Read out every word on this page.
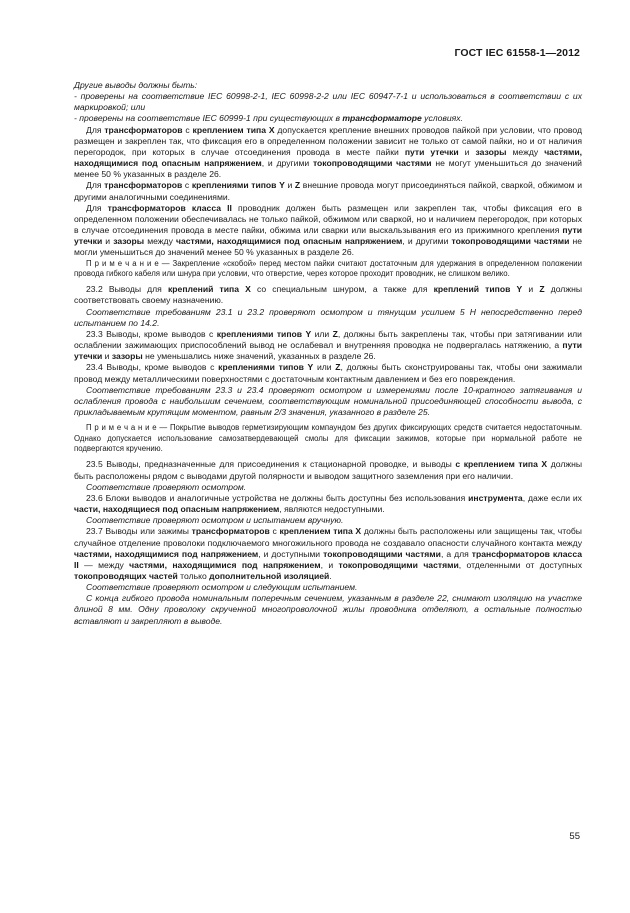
ГОСТ IEC 61558-1—2012

Другие выводы должны быть:

- проверены на соответствие IEC 60998-2-1, IEC 60998-2-2 или IEC 60947-7-1 и использоваться в соответствии с их маркировкой; или

- проверены на соответствие IEC 60999-1 при существующих в трансформаторе условиях.

Для трансформаторов с креплением типа X допускается крепление внешних проводов пайкой при условии, что провод размещен и закреплен так, что фиксация его в определенном положении зависит не только от самой пайки, но и от наличия перегородок, при которых в случае отсоединения провода в месте пайки пути утечки и зазоры между частями, находящимися под опасным напряжением, и другими токопроводящими частями не могут уменьшиться до значений менее 50 % указанных в разделе 26.

Для трансформаторов с креплениями типов Y и Z внешние провода могут присоединяться пайкой, сваркой, обжимом и другими аналогичными соединениями.

Для трансформаторов класса II проводник должен быть размещен или закреплен так, чтобы фиксация его в определенном положении обеспечивалась не только пайкой, обжимом или сваркой, но и наличием перегородок, при которых в случае отсоединения провода в месте пайки, обжима или сварки или выскальзывания его из прижимного крепления пути утечки и зазоры между частями, находящимися под опасным напряжением, и другими токопроводящими частями не могли уменьшиться до значений менее 50 % указанных в разделе 26.

П р и м е ч а н и е — Закрепление «скобой» перед местом пайки считают достаточным для удержания в определенном положении провода гибкого кабеля или шнура при условии, что отверстие, через которое проходит проводник, не слишком велико.

23.2 Выводы для креплений типа X со специальным шнуром, а также для креплений типов Y и Z должны соответствовать своему назначению.

Соответствие требованиям 23.1 и 23.2 проверяют осмотром и тянущим усилием 5 Н непосредственно перед испытанием по 14.2.

23.3 Выводы, кроме выводов с креплениями типов Y или Z, должны быть закреплены так, чтобы при затягивании или ослаблении зажимающих приспособлений вывод не ослабевал и внутренняя проводка не подвергалась натяжению, а пути утечки и зазоры не уменьшались ниже значений, указанных в разделе 26.

23.4 Выводы, кроме выводов с креплениями типов Y или Z, должны быть сконструированы так, чтобы они зажимали провод между металлическими поверхностями с достаточным контактным давлением и без его повреждения.

Соответствие требованиям 23.3 и 23.4 проверяют осмотром и измерениями после 10-кратного затягивания и ослабления провода с наибольшим сечением, соответствующим номинальной присоединяющей способности вывода, с прикладываемым крутящим моментом, равным 2/3 значения, указанного в разделе 25.

П р и м е ч а н и е — Покрытие выводов герметизирующим компаундом без других фиксирующих средств считается недостаточным. Однако допускается использование самозатвердевающей смолы для фиксации зажимов, которые при нормальной работе не подвергаются кручению.

23.5 Выводы, предназначенные для присоединения к стационарной проводке, и выводы с креплением типа X должны быть расположены рядом с выводами другой полярности и выводом защитного заземления при его наличии.

Соответствие проверяют осмотром.

23.6 Блоки выводов и аналогичные устройства не должны быть доступны без использования инструмента, даже если их части, находящиеся под опасным напряжением, являются недоступными.

Соответствие проверяют осмотром и испытанием вручную.

23.7 Выводы или зажимы трансформаторов с креплением типа X должны быть расположены или защищены так, чтобы случайное отделение проволоки подключаемого многожильного провода не создавало опасности случайного контакта между частями, находящимися под напряжением, и доступными токопроводящими частями, а для трансформаторов класса II — между частями, находящимися под напряжением, и токопроводящими частями, отделенными от доступных токопроводящих частей только дополнительной изоляцией.

Соответствие проверяют осмотром и следующим испытанием.

С конца гибкого провода номинальным поперечным сечением, указанным в разделе 22, снимают изоляцию на участке длиной 8 мм. Одну проволоку скрученной многопроволочной жилы проводника отделяют, а остальные полностью вставляют и закрепляют в выводе.

55
